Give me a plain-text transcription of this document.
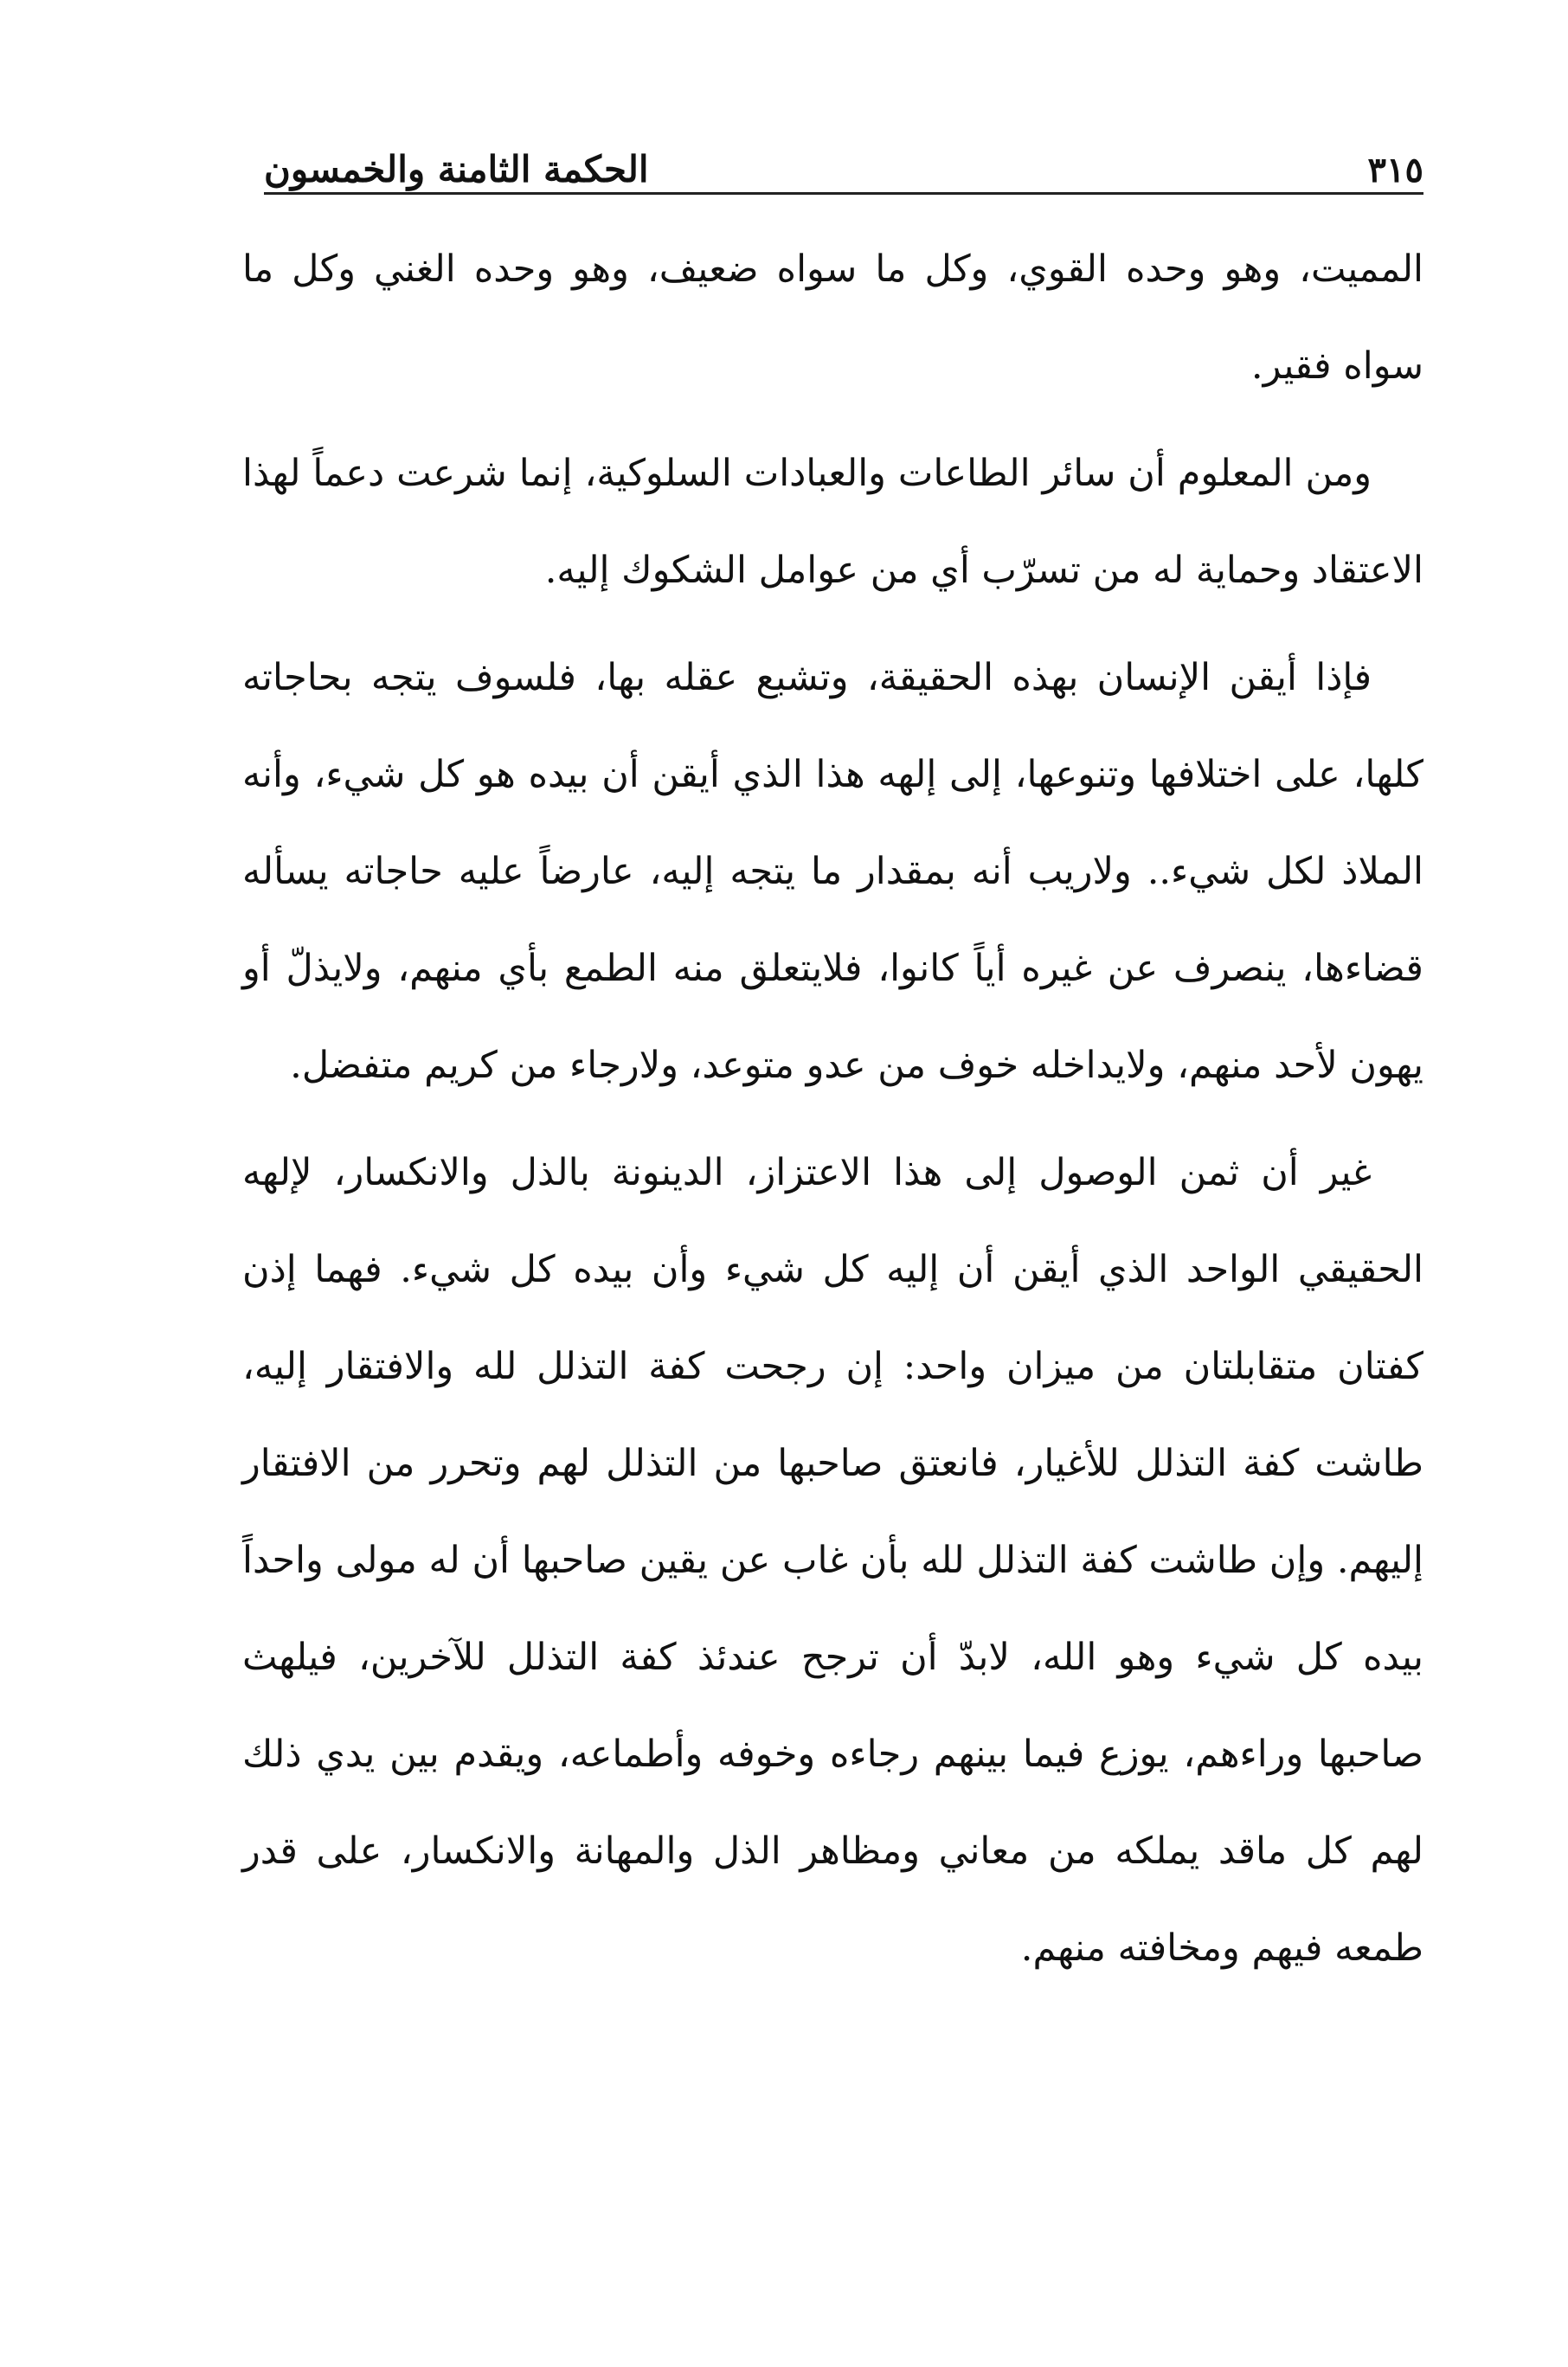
الحكمة الثامنة والخمسون	٣١٥

المميت، وهو وحده القوي، وكل ما سواه ضعيف، وهو وحده الغني وكل ما سواه فقير.

ومن المعلوم أن سائر الطاعات والعبادات السلوكية، إنما شرعت دعماً لهذا الاعتقاد وحماية له من تسرّب أي من عوامل الشكوك إليه.

فإذا أيقن الإنسان بهذه الحقيقة، وتشبع عقله بها، فلسوف يتجه بحاجاته كلها، على اختلافها وتنوعها، إلى إلهه هذا الذي أيقن أن بيده هو كل شيء، وأنه الملاذ لكل شيء.. ولاريب أنه بمقدار ما يتجه إليه، عارضاً عليه حاجاته يسأله قضاءها، ينصرف عن غيره أياً كانوا، فلايتعلق منه الطمع بأي منهم، ولايذلّ أو يهون لأحد منهم، ولايداخله خوف من عدو متوعد، ولارجاء من كريم متفضل.

غير أن ثمن الوصول إلى هذا الاعتزاز، الدينونة بالذل والانكسار، لإلهه الحقيقي الواحد الذي أيقن أن إليه كل شيء وأن بيده كل شيء. فهما إذن كفتان متقابلتان من ميزان واحد: إن رجحت كفة التذلل لله والافتقار إليه، طاشت كفة التذلل للأغيار، فانعتق صاحبها من التذلل لهم وتحرر من الافتقار إليهم. وإن طاشت كفة التذلل لله بأن غاب عن يقين صاحبها أن له مولى واحداً بيده كل شيء وهو الله، لابدّ أن ترجح عندئذ كفة التذلل للآخرين، فيلهث صاحبها وراءهم، يوزع فيما بينهم رجاءه وخوفه وأطماعه، ويقدم بين يدي ذلك لهم كل ماقد يملكه من معاني ومظاهر الذل والمهانة والانكسار، على قدر طمعه فيهم ومخافته منهم.
